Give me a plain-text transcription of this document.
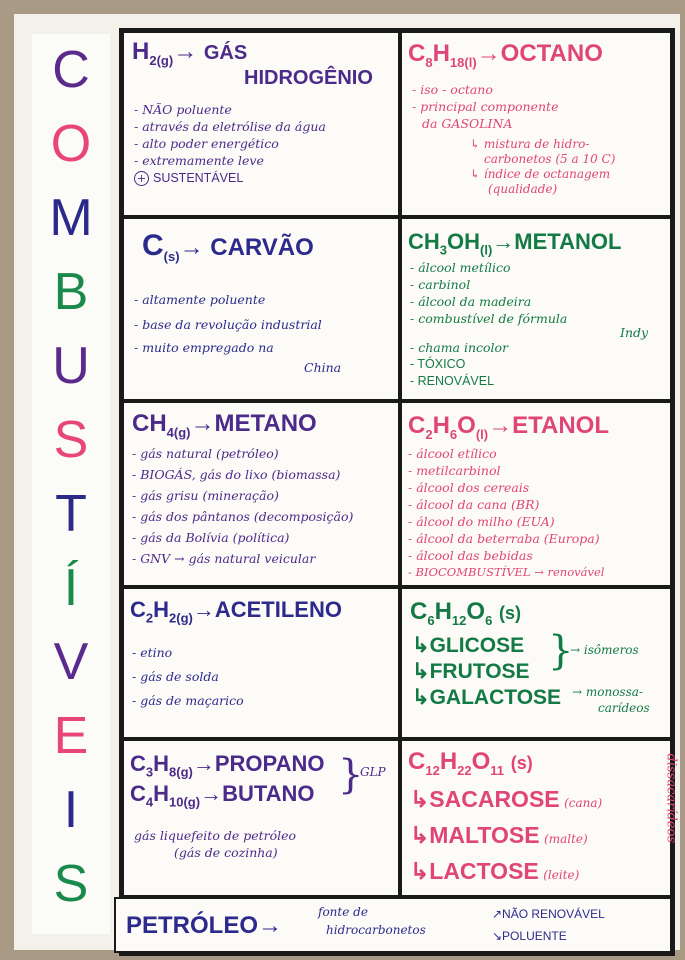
C
O
M
B
U
S
T
Í
V
E
I
S
$H_{2(g)}\to$ GÁS
HIDROGÊNIO
- NÃO poluente
- através da eletrólise da água
- alto poder energético
- extremamente leve
+ SUSTENTÁVEL
$C_8H_{18(l)}\to OCTANO$
- iso - octano
- principal componente
da GASOLINA
↳ mistura de hidro-
carbonetos (5 a 10 C)
↳ índice de octanagem
(qualidade)
$C_{(s)}\to$ CARVÃO
- altamente poluente
- base da revolução industrial
- muito empregado na
China
$CH_3OH_{(l)}\to METANOL$
- álcool metílico
- carbinol
- álcool da madeira
- combustível de fórmula
Indy
- chama incolor
- TÓXICO
- RENOVÁVEL
$CH_{4(g)}\to METANO$
- gás natural (petróleo)
- BIOGÁS, gás do lixo (biomassa)
- gás grisu (mineração)
- gás dos pântanos (decomposição)
- gás da Bolívia (política)
- GNV → gás natural veicular
$C_2H_6O_{(l)}\to ETANOL$
- álcool etílico
- metilcarbinol
- álcool dos cereais
- álcool da cana (BR)
- álcool do milho (EUA)
- álcool da beterraba (Europa)
- álcool das bebidas
- BIOCOMBUSTÍVEL → renovável
$C_2H_{2(g)}\to ACETILENO$
- etino
- gás de solda
- gás de maçarico
$C_6H_{12}O_6$ (s)
↳GLICOSE
↳FRUTOSE
↳GALACTOSE
}
→ isômeros
→ monossa-
carídeos
$C_3H_{8(g)}\to PROPANO$
$C_4H_{10(g)}\to BUTANO$ }
GLP
gás liquefeito de petróleo
(gás de cozinha)
$C_{12}H_{22}O_{11}$ (s)
↳SACAROSE (cana)
↳MALTOSE (malte)
↳LACTOSE (leite)
dissacarídeos
PETRÓLEO→	fonte de
hidrocarbonetos
↗NÃO RENOVÁVEL
↘POLUENTE
